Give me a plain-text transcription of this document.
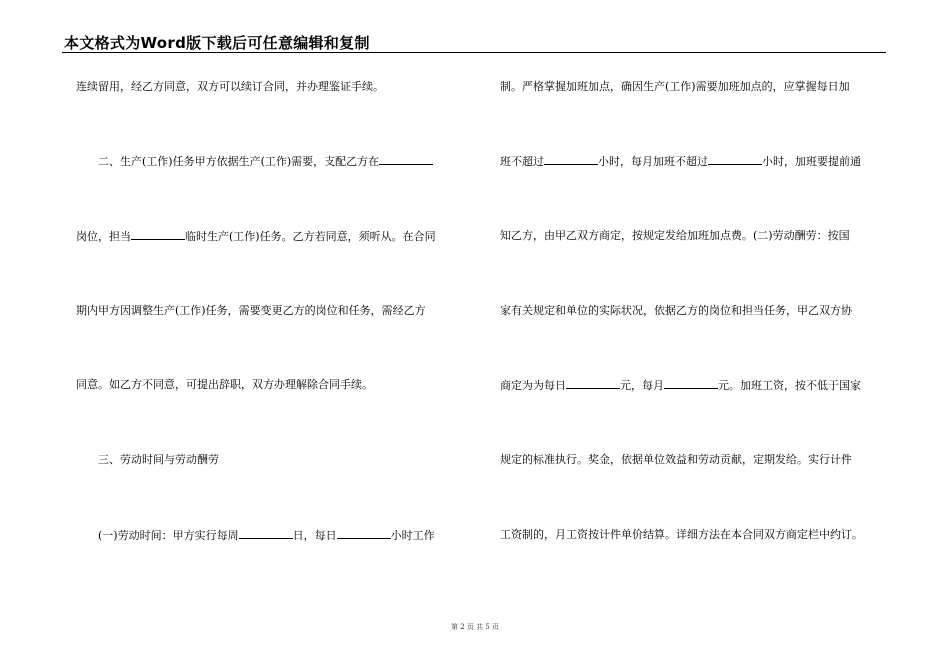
本文格式为Word版下载后可任意编辑和复制
连续留用，经乙方同意，双方可以续订合同，并办理鉴证手续。
　　二、生产(工作)任务甲方依据生产(工作)需要，支配乙方在
岗位，担当	临时生产(工作)任务。乙方若同意，须听从。在合同
期内甲方因调整生产(工作)任务，需要变更乙方的岗位和任务，需经乙方
同意。如乙方不同意，可提出辞职，双方办理解除合同手续。
　　三、劳动时间与劳动酬劳
　　(一)劳动时间：甲方实行每周	日，每日	小时工作
制。严格掌握加班加点，确因生产(工作)需要加班加点的，应掌握每日加
班不超过	小时，每月加班不超过	小时，加班要提前通
知乙方，由甲乙双方商定，按规定发给加班加点费。(二)劳动酬劳：按国
家有关规定和单位的实际状况，依据乙方的岗位和担当任务，甲乙双方协
商定为为每日	元，每月	元。加班工资，按不低于国家
规定的标准执行。奖金，依据单位效益和劳动贡献，定期发给。实行计件
工资制的，月工资按计件单价结算。详细方法在本合同双方商定栏中约订。
第 2 页 共 5 页
